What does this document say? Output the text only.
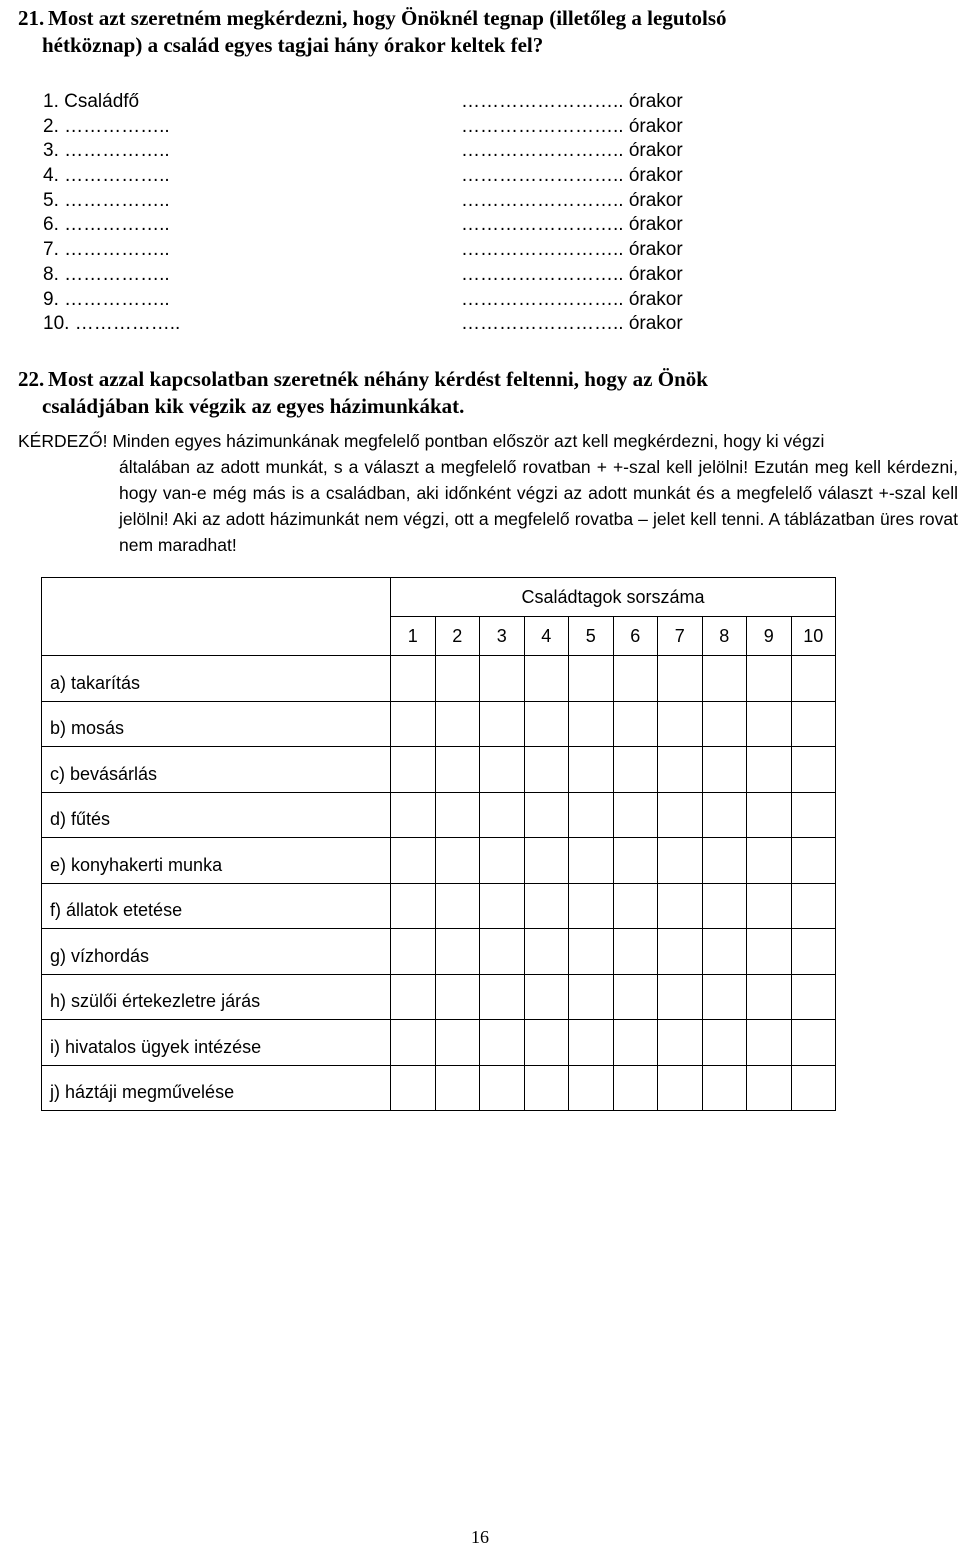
21. Most azt szeretném megkérdezni, hogy Önöknél tegnap (illetőleg a legutolsó
hétköznap) a család egyes tagjai hány órakor keltek fel?
1. Családfő	…………………….. órakor
2. ……………..	…………………….. órakor
3. ……………..	…………………….. órakor
4. ……………..	…………………….. órakor
5. ……………..	…………………….. órakor
6. ……………..	…………………….. órakor
7. ……………..	…………………….. órakor
8. ……………..	…………………….. órakor
9. ……………..	…………………….. órakor
10. ……………..	…………………….. órakor
22. Most azzal kapcsolatban szeretnék néhány kérdést feltenni, hogy az Önök
családjában kik végzik az egyes házimunkákat.
KÉRDEZŐ! Minden egyes házimunkának megfelelő pontban először azt kell megkérdezni, hogy ki végzi
általában az adott munkát, s a választ a megfelelő rovatban + +-szal kell jelölni! Ezután meg kell kérdezni, hogy van-e még más is a családban, aki időnként végzi az adott munkát és a megfelelő választ +-szal kell jelölni! Aki az adott házimunkát nem végzi, ott a megfelelő rovatba – jelet kell tenni. A táblázatban üres rovat nem maradhat!
	Családtagok sorszáma									
	1	2	3	4	5	6	7	8	9	10
a) takarítás										
b) mosás										
c) bevásárlás										
d) fűtés										
e) konyhakerti munka										
f) állatok etetése										
g) vízhordás										
h) szülői értekezletre járás										
i) hivatalos ügyek intézése										
j) háztáji megművelése										
16
